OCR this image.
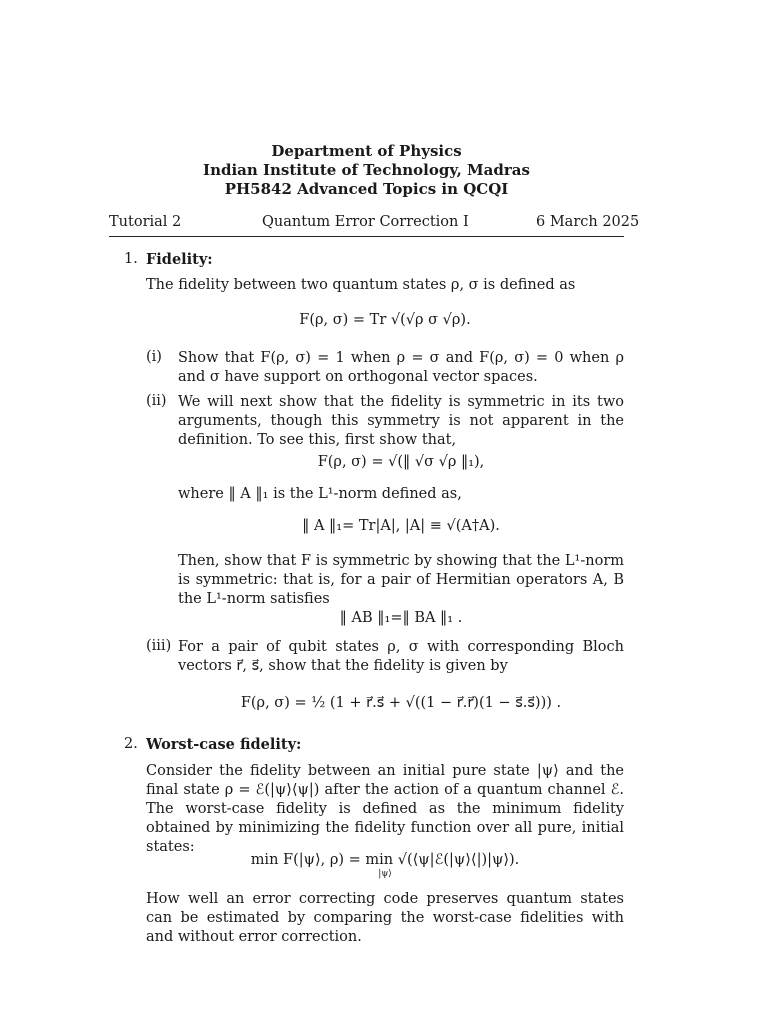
Department of Physics
Indian Institute of Technology, Madras
PH5842 Advanced Topics in QCQI
Tutorial 2	Quantum Error Correction I	6 March 2025
1. Fidelity:
The fidelity between two quantum states ρ, σ is defined as
F(ρ, σ) = Tr √(√ρ σ √ρ).
(i) Show that F(ρ, σ) = 1 when ρ = σ and F(ρ, σ) = 0 when ρ and σ have support on orthogonal vector spaces.
(ii) We will next show that the fidelity is symmetric in its two arguments, though this symmetry is not apparent in the definition. To see this, first show that,
F(ρ, σ) = √(‖ √σ √ρ ‖₁),
where ‖ A ‖₁ is the L¹-norm defined as,
‖ A ‖₁= Tr|A|, |A| ≡ √(A†A).
Then, show that F is symmetric by showing that the L¹-norm is symmetric: that is, for a pair of Hermitian operators A, B the L¹-norm satisfies
‖ AB ‖₁=‖ BA ‖₁ .
(iii) For a pair of qubit states ρ, σ with corresponding Bloch vectors r⃗, s⃗, show that the fidelity is given by
F(ρ, σ) = ½ (1 + r⃗.s⃗ + √((1 − r⃗.r⃗)(1 − s⃗.s⃗))) .
2. Worst-case fidelity:
Consider the fidelity between an initial pure state |ψ⟩ and the final state ρ = ℰ(|ψ⟩⟨ψ|) after the action of a quantum channel ℰ. The worst-case fidelity is defined as the minimum fidelity obtained by minimizing the fidelity function over all pure, initial states:
min F(|ψ⟩, ρ) = min √(⟨ψ|ℰ(|ψ⟩⟨|)|ψ⟩).
|ψ⟩
How well an error correcting code preserves quantum states can be estimated by comparing the worst-case fidelities with and without error correction.
